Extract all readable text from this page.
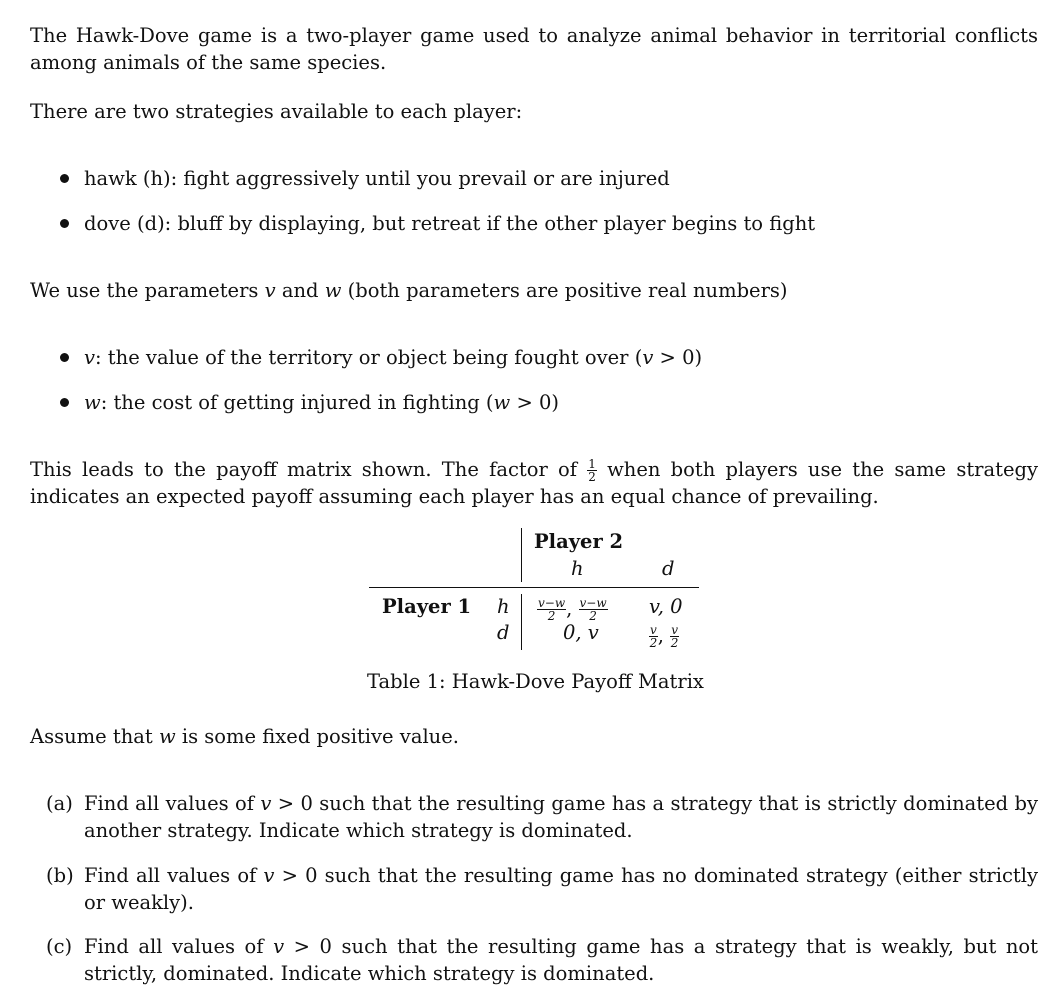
The Hawk-Dove game is a two-player game used to analyze animal behavior in territorial conflicts among animals of the same species.

There are two strategies available to each player:

hawk (h): fight aggressively until you prevail or are injured
dove (d): bluff by displaying, but retreat if the other player begins to fight

We use the parameters v and w (both parameters are positive real numbers)

v: the value of the territory or object being fought over (v > 0)
w: the cost of getting injured in fighting (w > 0)

This leads to the payoff matrix shown. The factor of $\frac{1}{2}$ when both players use the same strategy indicates an expected payoff assuming each player has an equal chance of prevailing.

Player 2
h	d
Player 1 h
d
$\frac{v-w}{2}$ , $\frac{v-w}{2} v$, 0
0, v	$\frac{v}{2}$ , $\frac{v}{2}$
Table 1: Hawk-Dove Payoff Matrix

Assume that w is some fixed positive value.

(a) Find all values of v > 0 such that the resulting game has a strategy that is strictly dominated by another strategy. Indicate which strategy is dominated.
(b) Find all values of v > 0 such that the resulting game has no dominated strategy (either strictly or weakly).
(c) Find all values of v > 0 such that the resulting game has a strategy that is weakly, but not strictly, dominated. Indicate which strategy is dominated.
